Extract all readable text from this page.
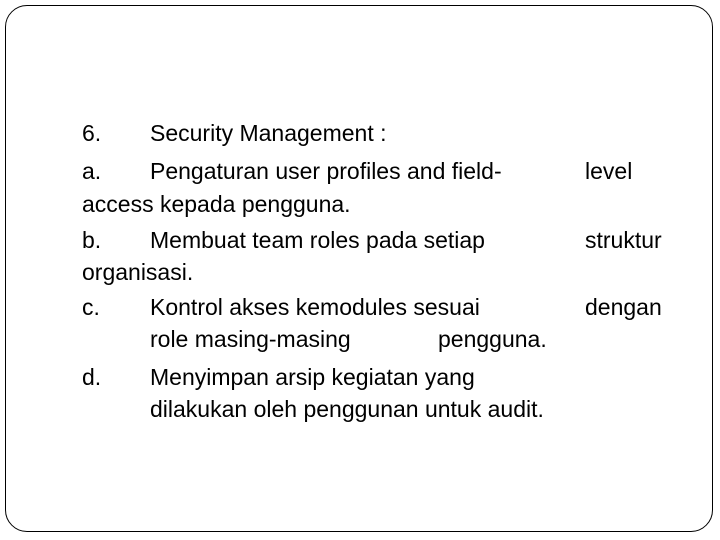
6. Security Management :
a. Pengaturan user profiles and field-	level
access kepada pengguna.
b. Membuat team roles pada setiap	struktur
organisasi.
c. Kontrol akses kemodules sesuai	dengan
role masing-masing	pengguna.
d. Menyimpan arsip kegiatan yang
dilakukan oleh penggunan untuk audit.
